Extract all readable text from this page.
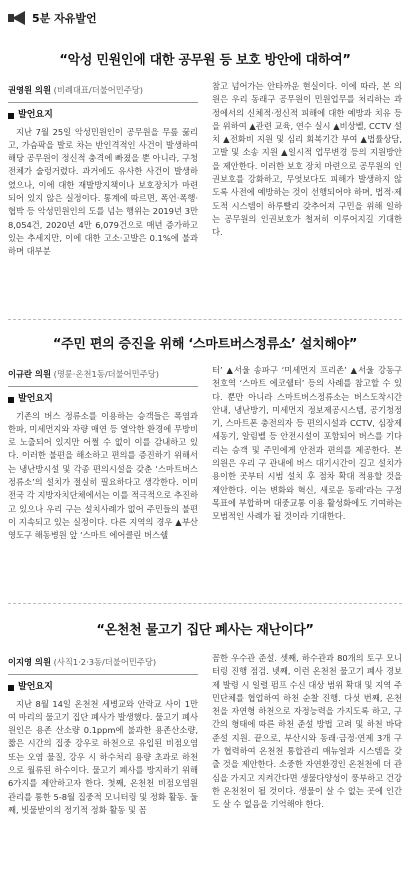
5분 자유발언
“악성 민원인에 대한 공무원 등 보호 방안에 대하여”
권영원 의원 (비례대표/더불어민주당)
발언요지

지난 7월 25일 악성민원인이 공무원을 무릎 꿇리고, 가슴팍을 발로 차는 반인격적인 사건이 발생하여 해당 공무원이 정신적 충격에 빠졌을 뿐 아니라, 구청 전체가 술렁거렸다. 과거에도 유사한 사건이 발생하였으나, 이에 대한 재발방지책이나 보호장치가 마련되어 있지 않은 실정이다. 통계에 따르면, 폭언·폭행·협박 등 악성민원인의 도를 넘는 행위는 2019년 3만 8,054건, 2020년 4만 6,079건으로 매년 증가하고 있는 추세지만, 이에 대한 고소·고발은 0.1%에 불과하며 대부분

참고 넘어가는 안타까운 현실이다. 이에 따라, 본 의원은 우리 동래구 공무원이 민원업무를 처리하는 과정에서의 신체적·정신적 피해에 대한 예방과 치유 등을 위하여 ▲관련 교육, 연수 실시 ▲비상벨, CCTV 설치 ▲전화비 지원 및 심리 회복기간 부여 ▲법률상담, 고발 및 소송 지원 ▲일시적 업무변경 등의 지원방안을 제안한다. 이러한 보호 장치 마련으로 공무원의 인권보호를 강화하고, 무엇보다도 피해가 발생하지 않도록 사전에 예방하는 것이 선행되어야 하며, 법적·제도적 시스템이 하루빨리 갖추어져 구민을 위해 일하는 공무원의 인권보호가 철저히 이루어지길 기대한다.

“주민 편의 증진을 위해 ‘스마트버스정류소’ 설치해야”
이규란 의원 (명륜·온천1동/더불어민주당)
발언요지

기존의 버스 정류소를 이용하는 승객들은 폭염과 한파, 미세먼지와 자량 매연 등 열악한 환경에 무방비로 노출되어 있지만 어쩔 수 없이 이를 감내하고 있다. 이러한 불편을 해소하고 편의를 증진하기 위해서는 냉난방시설 및 각종 편의시설을 갖춘 ‘스마트버스정류소’의 설치가 절실히 필요하다고 생각한다. 이미 전국 각 지방자치단체에서는 이를 적극적으로 추진하고 있으나 우리 구는 설치사례가 없어 주민들의 불편이 지속되고 있는 실정이다. 다른 지역의 경우 ▲부산 영도구 해동병원 앞 ‘스마트 에어클린 버스쉘

터’ ▲서울 송파구 ‘미세먼지 프리존’ ▲서울 강동구 천호역 ‘스마트 에코쉘터’ 등의 사례를 참고할 수 있다. 뿐만 아니라 스마트버스정류소는 버스도착시간 안내, 냉난방기, 미세먼지 정보제공시스템, 공기청정기, 스마트폰 충전의자 등 편의시설과 CCTV, 심장제세동기, 알림벨 등 안전시설이 포함되어 버스를 기다리는 승객 및 주민에게 안전과 편의를 제공한다. 본 의원은 우리 구 관내에 버스 대기시간이 길고 설치가 용이한 곳부터 시범 설치 후 점차 확대 적용할 것을 제안한다. 이는 변화와 혁신, 새로운 동래’라는 구정목표에 부합하며 대중교통 이용 활성화에도 기여하는 모범적인 사례가 될 것이라 기대한다.

“온천천 물고기 집단 폐사는 재난이다”
이지영 의원 (사직1·2·3동/더불어민주당)
발언요지

지난 8월 14일 온천천 세병교와 안락교 사이 1만여 마리의 물고기 집단 폐사가 발생했다. 물고기 폐사 원인은 용존 산소량 0.1ppm에 불과한 용존산소량, 짧은 시간의 집중 강우로 하천으로 유입된 비점오염 또는 오염 물질, 강우 시 하수처리 용량 초과로 하천으로 월류된 하수이다. 물고기 폐사를 방지하기 위해 6가지를 제안하고자 한다. 첫째, 온천천 비점오염원 관리를 통한 5-8월 집중적 모니터링 및 정화 활동. 둘째, 빗물받이의 정기적 정화 활동 및 꼼

꼼한 우수관 준설. 셋째, 하수관과 80개의 토구 모니터링 진행 점검. 넷째, 이런 온천천 물고기 폐사 경보제 발령 시 일렬 펌프 수신 대상 범위 확대 및 지역 주민단체를 협업하여 하천 순찰 진행. 다섯 번째, 온천천을 자연형 하천으로 자정능력을 가지도록 하고, 구간의 형태에 따른 하천 준설 방법 고려 및 하천 바닥 준설 지원. 끝으로, 부산시와 동래·금정·연제 3개 구가 협력하여 온천천 통합관리 매뉴얼과 시스템을 갖출 것을 제안한다. 소중한 자연환경인 온천천에 더 관심을 가지고 지켜간다면 생물다양성이 풍부하고 건강한 온천천이 될 것이다. 생물이 살 수 없는 곳에 인간도 살 수 없음을 기억해야 한다.
